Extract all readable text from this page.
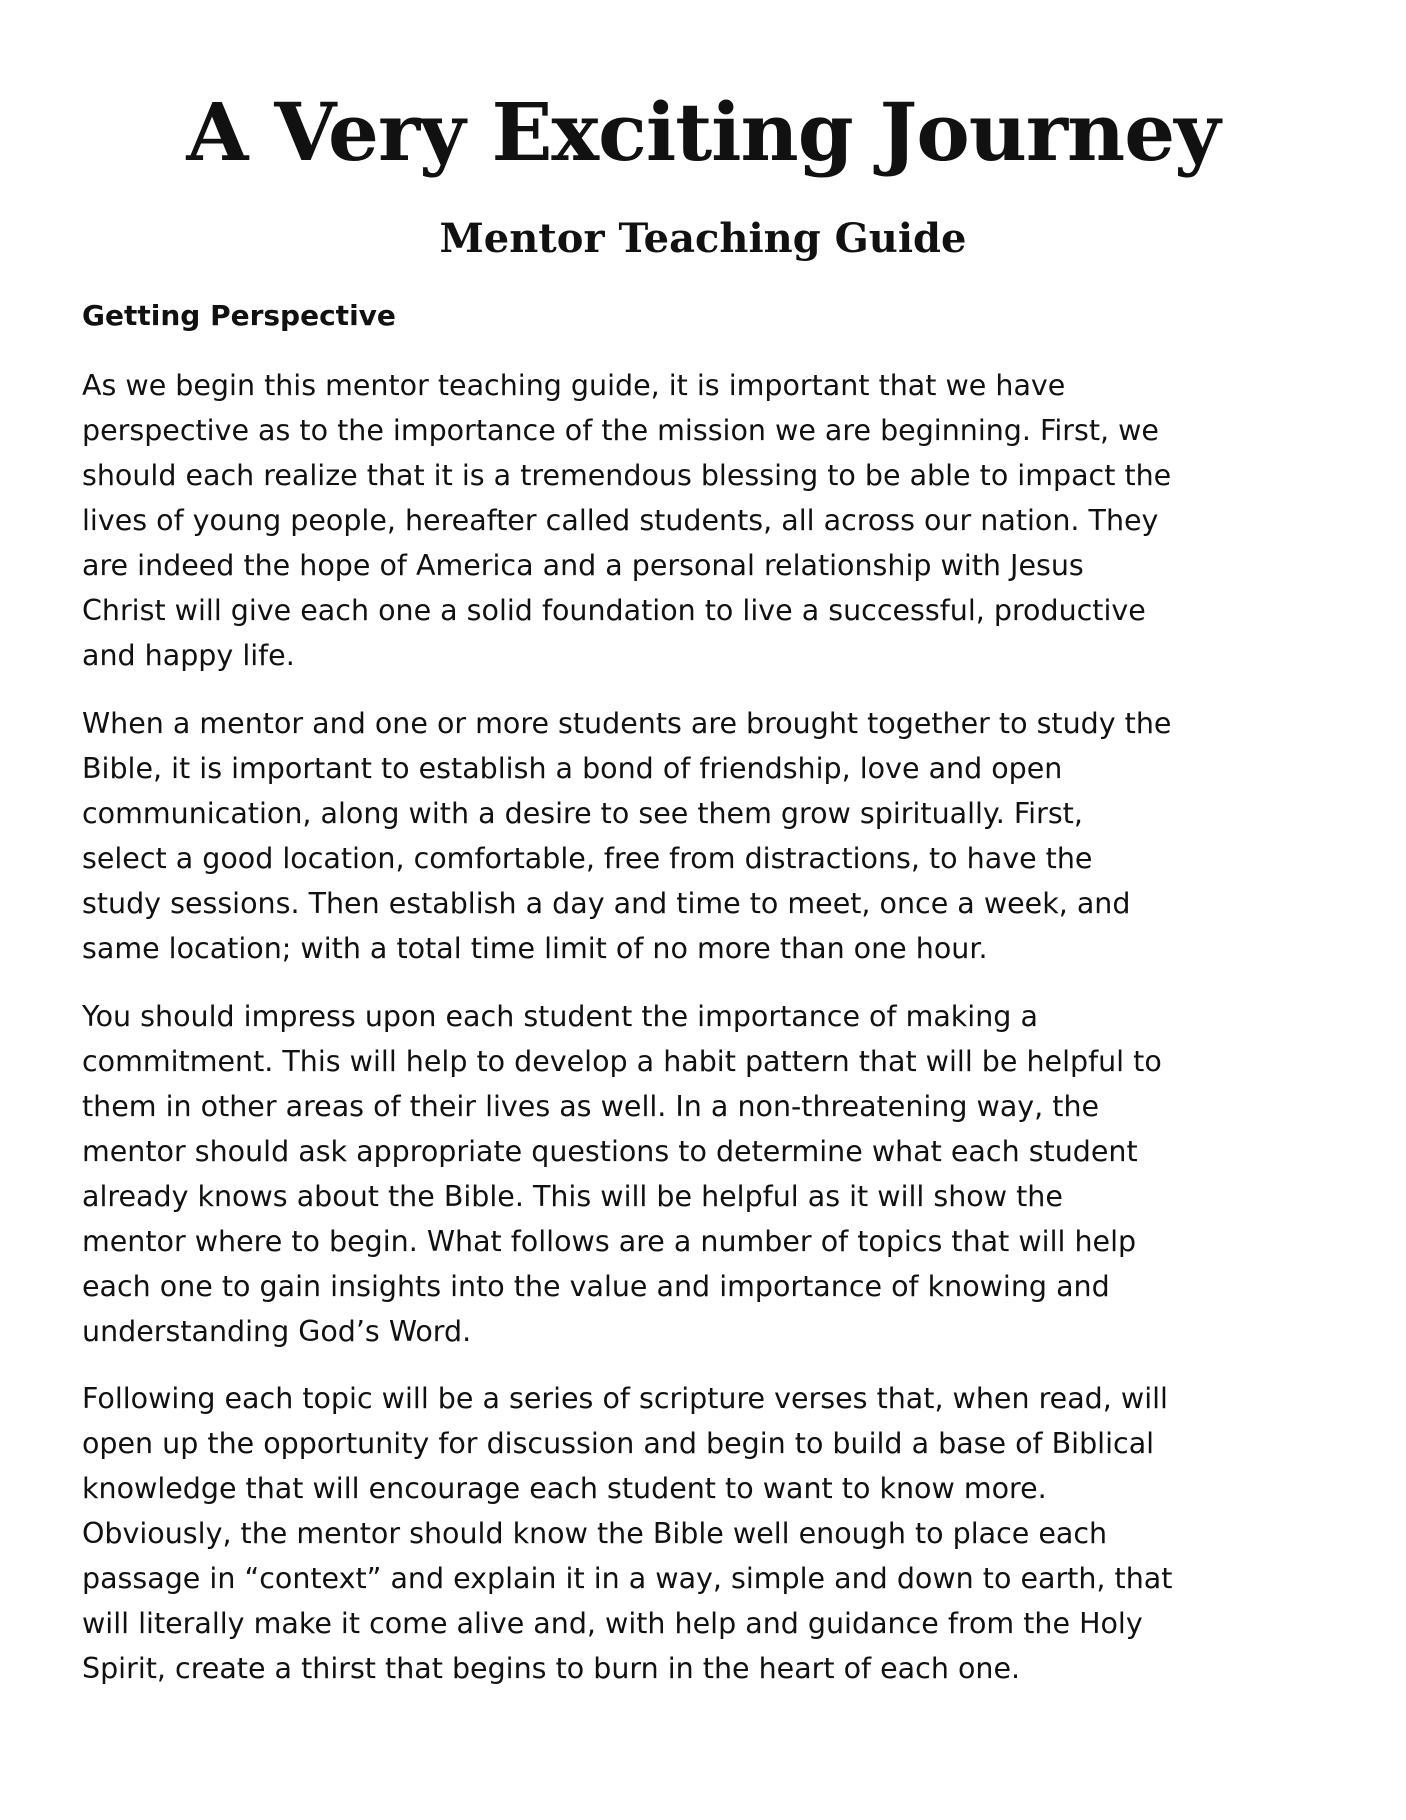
A Very Exciting Journey
Mentor Teaching Guide
Getting Perspective

As we begin this mentor teaching guide, it is important that we have
perspective as to the importance of the mission we are beginning. First, we
should each realize that it is a tremendous blessing to be able to impact the
lives of young people, hereafter called students, all across our nation. They
are indeed the hope of America and a personal relationship with Jesus
Christ will give each one a solid foundation to live a successful, productive
and happy life.

When a mentor and one or more students are brought together to study the
Bible, it is important to establish a bond of friendship, love and open
communication, along with a desire to see them grow spiritually. First,
select a good location, comfortable, free from distractions, to have the
study sessions. Then establish a day and time to meet, once a week, and
same location; with a total time limit of no more than one hour.

You should impress upon each student the importance of making a
commitment. This will help to develop a habit pattern that will be helpful to
them in other areas of their lives as well. In a non-threatening way, the
mentor should ask appropriate questions to determine what each student
already knows about the Bible. This will be helpful as it will show the
mentor where to begin. What follows are a number of topics that will help
each one to gain insights into the value and importance of knowing and
understanding God’s Word.

Following each topic will be a series of scripture verses that, when read, will
open up the opportunity for discussion and begin to build a base of Biblical
knowledge that will encourage each student to want to know more.
Obviously, the mentor should know the Bible well enough to place each
passage in “context” and explain it in a way, simple and down to earth, that
will literally make it come alive and, with help and guidance from the Holy
Spirit, create a thirst that begins to burn in the heart of each one.
